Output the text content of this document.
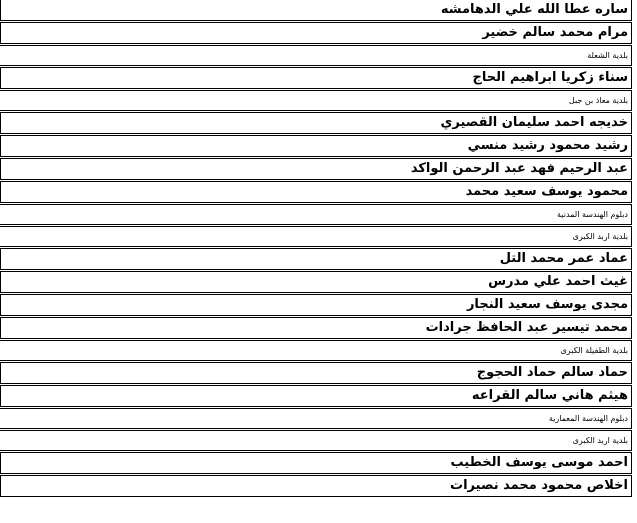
ساره عطا الله علي الدهامشه
مرام محمد سالم خضير
بلدية الشعلة
سناء زكريا ابراهيم الحاج
بلدية معاذ بن جبل
خديجه احمد سليمان القصيري
رشيد محمود رشيد منسي
عبد الرحيم فهد عبد الرحمن الواكد
محمود يوسف سعيد محمد
دبلوم الهندسة المدنية
بلدية اربد الكبرى
عماد عمر محمد التل
غيث احمد علي مدرس
مجدى يوسف سعيد النجار
محمد تيسير عبد الحافظ جرادات
بلدية الطفيلة الكبرى
حماد سالم حماد الحجوج
هيثم هاني سالم القراعه
دبلوم الهندسة المعمارية
بلدية اربد الكبرى
احمد موسى يوسف الخطيب
اخلاص محمود محمد نصيرات
